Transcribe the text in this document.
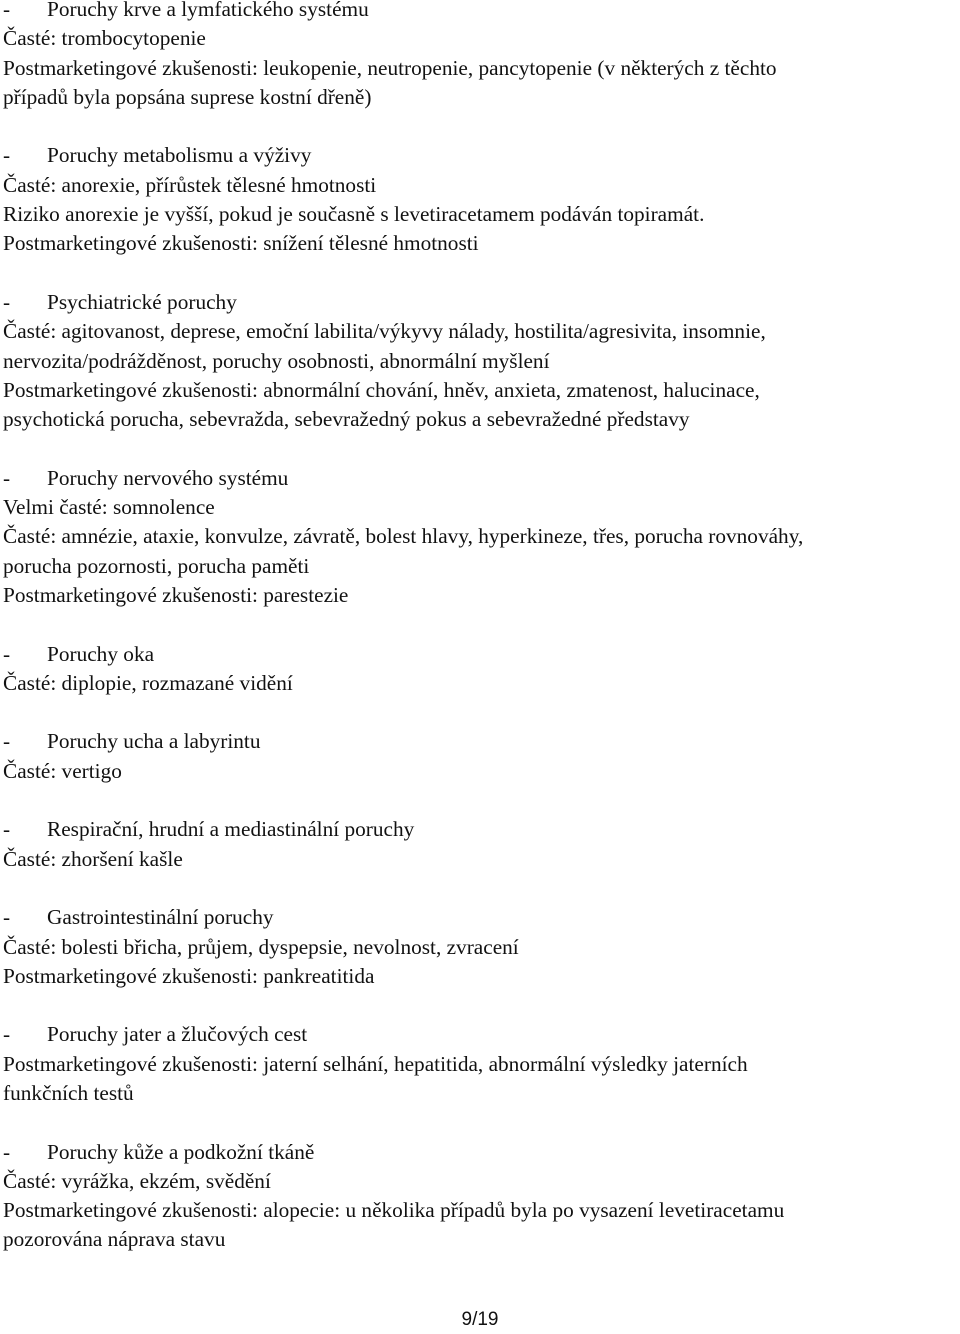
- Poruchy krve a lymfatického systému
Časté: trombocytopenie
Postmarketingové zkušenosti: leukopenie, neutropenie, pancytopenie (v některých z těchto
případů byla popsána suprese kostní dřeně)
- Poruchy metabolismu a výživy
Časté: anorexie, přírůstek tělesné hmotnosti
Riziko anorexie je vyšší, pokud je současně s levetiracetamem podáván topiramát.
Postmarketingové zkušenosti: snížení tělesné hmotnosti
- Psychiatrické poruchy
Časté: agitovanost, deprese, emoční labilita/výkyvy nálady, hostilita/agresivita, insomnie,
nervozita/podrážděnost, poruchy osobnosti, abnormální myšlení
Postmarketingové zkušenosti: abnormální chování, hněv, anxieta, zmatenost, halucinace,
psychotická porucha, sebevražda, sebevražedný pokus a sebevražedné představy
- Poruchy nervového systému
Velmi časté: somnolence
Časté: amnézie, ataxie, konvulze, závratě, bolest hlavy, hyperkineze, třes, porucha rovnováhy,
porucha pozornosti, porucha paměti
Postmarketingové zkušenosti: parestezie
- Poruchy oka
Časté: diplopie, rozmazané vidění
- Poruchy ucha a labyrintu
Časté: vertigo
- Respirační, hrudní a mediastinální poruchy
Časté: zhoršení kašle
- Gastrointestinální poruchy
Časté: bolesti břicha, průjem, dyspepsie, nevolnost, zvracení
Postmarketingové zkušenosti: pankreatitida
- Poruchy jater a žlučových cest
Postmarketingové zkušenosti: jaterní selhání, hepatitida, abnormální výsledky jaterních
funkčních testů
- Poruchy kůže a podkožní tkáně
Časté: vyrážka, ekzém, svědění
Postmarketingové zkušenosti: alopecie: u několika případů byla po vysazení levetiracetamu
pozorována náprava stavu
9/19
